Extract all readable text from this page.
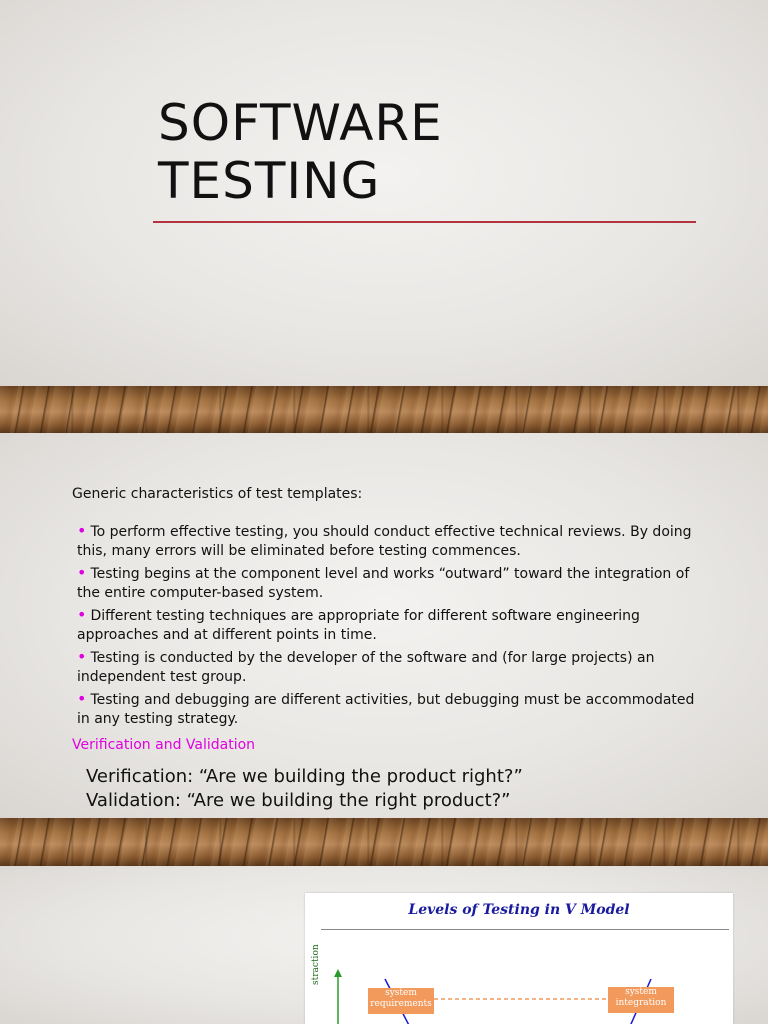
SOFTWARE
TESTING

Generic characteristics of test templates:

• To perform effective testing, you should conduct effective technical reviews. By doing this, many errors will be eliminated before testing commences.
• Testing begins at the component level and works “outward” toward the integration of the entire computer-based system.
• Different testing techniques are appropriate for different software engineering approaches and at different points in time.
• Testing is conducted by the developer of the software and (for large projects) an independent test group.
• Testing and debugging are different activities, but debugging must be accommodated in any testing strategy.

Verification and Validation

Verification: “Are we building the product right?”
Validation: “Are we building the right product?”
Levels of Testing in V Model
straction
system
requirements
system
integration
